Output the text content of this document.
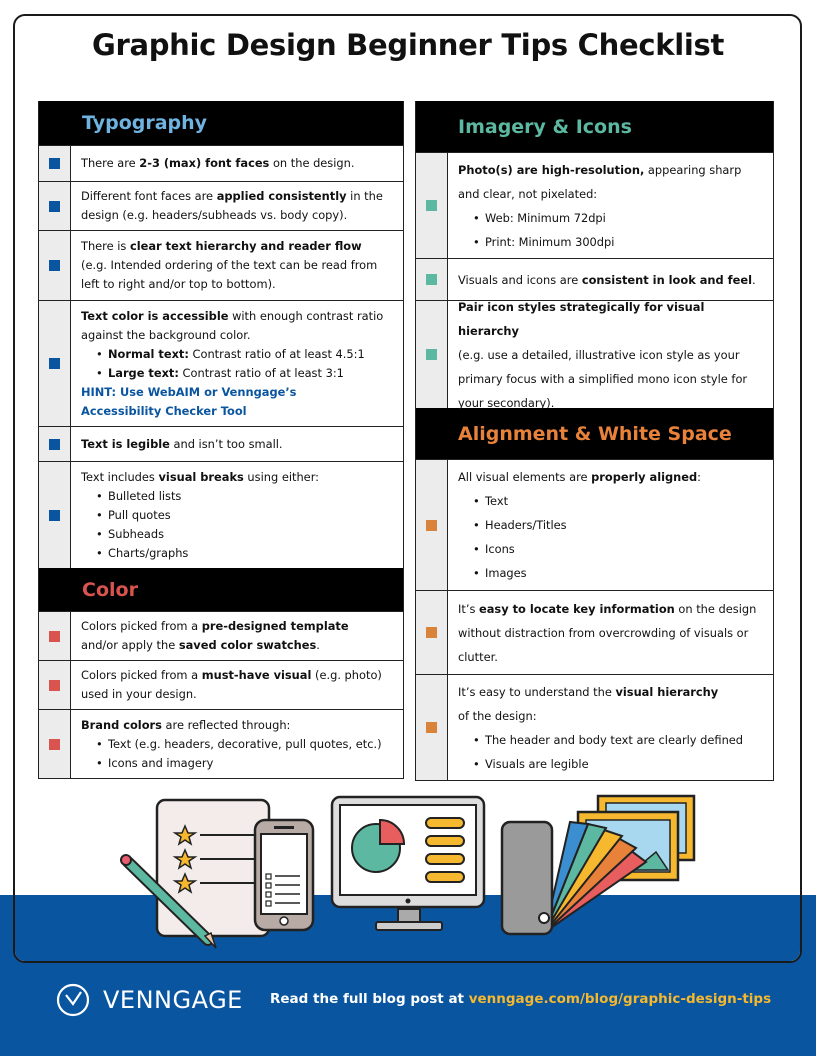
Graphic Design Beginner Tips Checklist
Typography
There are 2-3 (max) font faces on the design.
Different font faces are applied consistently in the design (e.g. headers/subheads vs. body copy).
There is clear text hierarchy and reader flow
(e.g. Intended ordering of the text can be read from left to right and/or top to bottom).
Text color is accessible with enough contrast ratio against the background color.
• Normal text: Contrast ratio of at least 4.5:1
• Large text: Contrast ratio of at least 3:1
HINT: Use WebAIM or Venngage’s
Accessibility Checker Tool
Text is legible and isn’t too small.
Text includes visual breaks using either:
• Bulleted lists
• Pull quotes
• Subheads
• Charts/graphs
Color
Colors picked from a pre-designed template
and/or apply the saved color swatches.
Colors picked from a must-have visual (e.g. photo) used in your design.
Brand colors are reflected through:
• Text (e.g. headers, decorative, pull quotes, etc.)
• Icons and imagery
Imagery & Icons
Photo(s) are high-resolution, appearing sharp and clear, not pixelated:
• Web: Minimum 72dpi
• Print: Minimum 300dpi
Visuals and icons are consistent in look and feel.
Pair icon styles strategically for visual hierarchy
(e.g. use a detailed, illustrative icon style as your primary focus with a simplified mono icon style for your secondary).
Alignment & White Space
All visual elements are properly aligned:
• Text
• Headers/Titles
• Icons
• Images
It’s easy to locate key information on the design without distraction from overcrowding of visuals or clutter.
It’s easy to understand the visual hierarchy
of the design:
• The header and body text are clearly defined
• Visuals are legible
VENNGAGE Read the full blog post at venngage.com/blog/graphic-design-tips
